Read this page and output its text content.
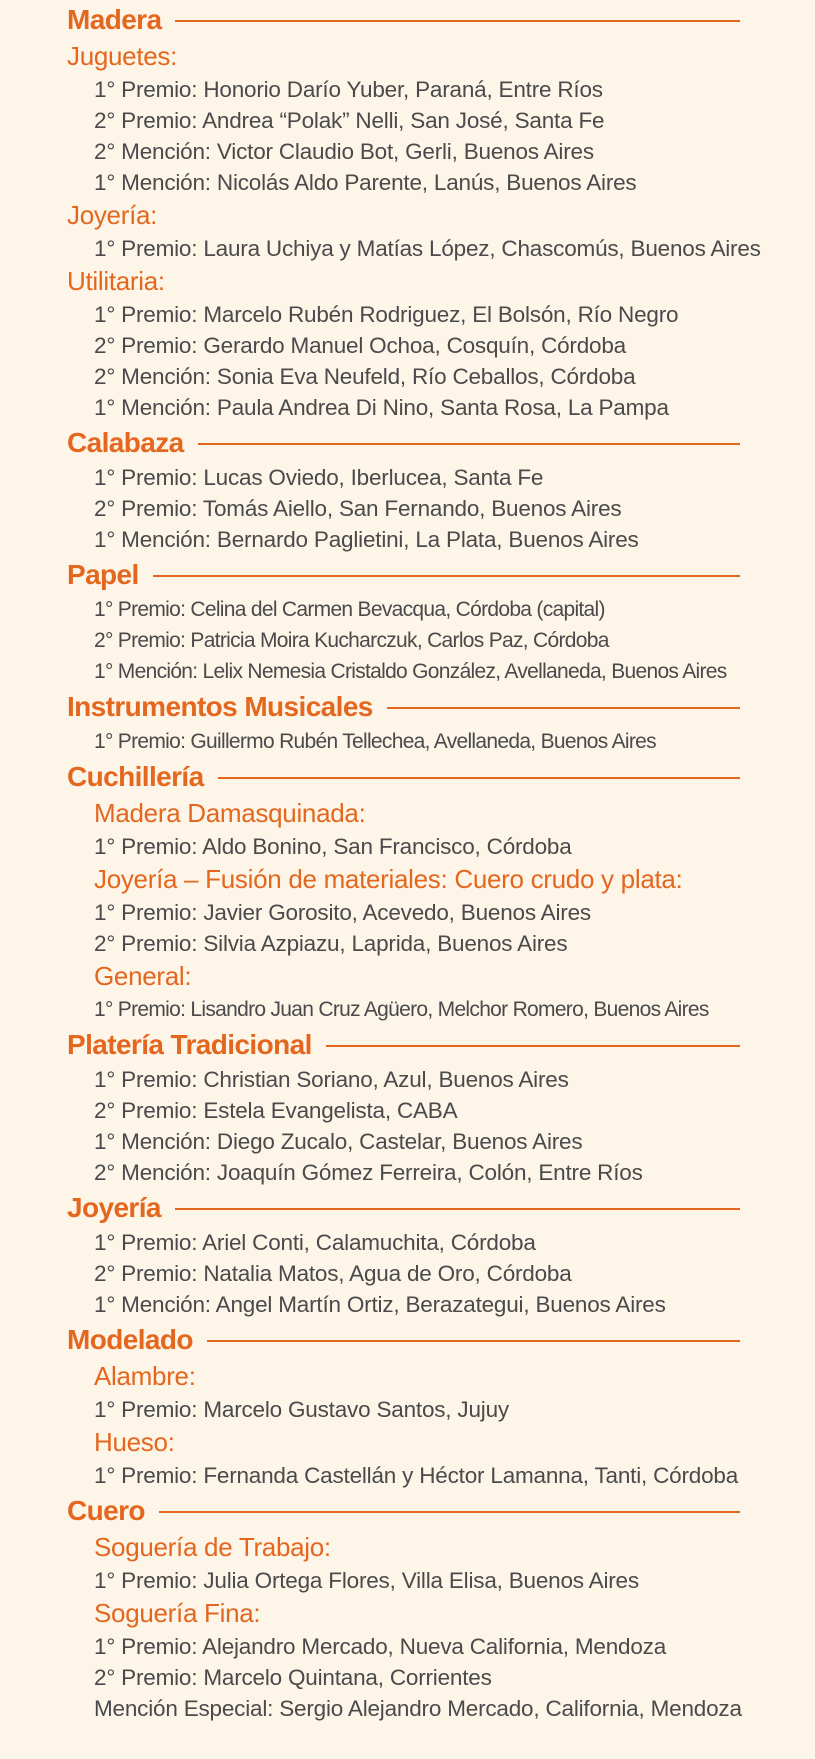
Madera
Juguetes:
1° Premio: Honorio Darío Yuber, Paraná, Entre Ríos
2° Premio: Andrea “Polak” Nelli, San José, Santa Fe
2° Mención: Victor Claudio Bot, Gerli, Buenos Aires
1° Mención: Nicolás Aldo Parente, Lanús, Buenos Aires
Joyería:
1° Premio: Laura Uchiya y Matías López, Chascomús, Buenos Aires
Utilitaria:
1° Premio: Marcelo Rubén Rodriguez, El Bolsón, Río Negro
2° Premio: Gerardo Manuel Ochoa, Cosquín, Córdoba
2° Mención: Sonia Eva Neufeld, Río Ceballos, Córdoba
1° Mención: Paula Andrea Di Nino, Santa Rosa, La Pampa
Calabaza
1° Premio: Lucas Oviedo, Iberlucea, Santa Fe
2° Premio: Tomás Aiello, San Fernando, Buenos Aires
1° Mención: Bernardo Paglietini, La Plata, Buenos Aires
Papel
1° Premio: Celina del Carmen Bevacqua, Córdoba (capital)
2° Premio: Patricia Moira Kucharczuk, Carlos Paz, Córdoba
1° Mención: Lelix Nemesia Cristaldo González, Avellaneda, Buenos Aires
Instrumentos Musicales
1° Premio: Guillermo Rubén Tellechea, Avellaneda, Buenos Aires
Cuchillería
Madera Damasquinada:
1° Premio: Aldo Bonino, San Francisco, Córdoba
Joyería – Fusión de materiales: Cuero crudo y plata:
1° Premio: Javier Gorosito, Acevedo, Buenos Aires
2° Premio: Silvia Azpiazu, Laprida, Buenos Aires
General:
1° Premio: Lisandro Juan Cruz Agüero, Melchor Romero, Buenos Aires
Platería Tradicional
1° Premio: Christian Soriano, Azul, Buenos Aires
2° Premio: Estela Evangelista, CABA
1° Mención: Diego Zucalo, Castelar, Buenos Aires
2° Mención: Joaquín Gómez Ferreira, Colón, Entre Ríos
Joyería
1° Premio: Ariel Conti, Calamuchita, Córdoba
2° Premio: Natalia Matos, Agua de Oro, Córdoba
1° Mención: Angel Martín Ortiz, Berazategui, Buenos Aires
Modelado
Alambre:
1° Premio: Marcelo Gustavo Santos, Jujuy
Hueso:
1° Premio: Fernanda Castellán y Héctor Lamanna, Tanti, Córdoba
Cuero
Soguería de Trabajo:
1° Premio: Julia Ortega Flores, Villa Elisa, Buenos Aires
Soguería Fina:
1° Premio: Alejandro Mercado, Nueva California, Mendoza
2° Premio: Marcelo Quintana, Corrientes
Mención Especial: Sergio Alejandro Mercado, California, Mendoza
